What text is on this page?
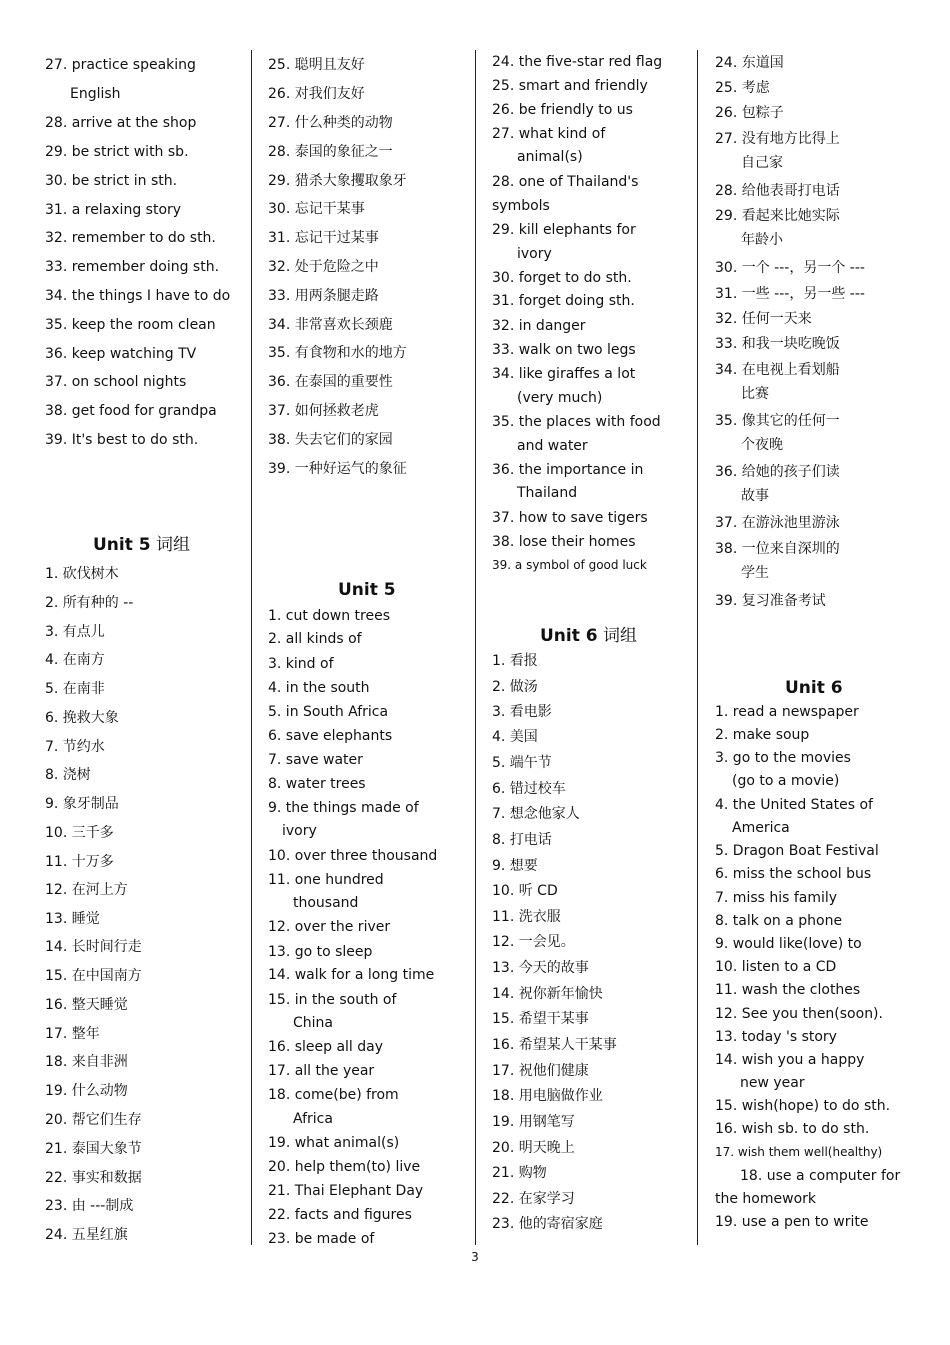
27. practice speaking
English
28. arrive at the shop
29. be strict with sb.
30. be strict in sth.
31. a relaxing story
32. remember to do sth.
33. remember doing sth.
34. the things I have to do
35. keep the room clean
36. keep watching TV
37. on school nights
38. get food for grandpa
39. It's best to do sth.
Unit 5 词组
1. 砍伐树木
2. 所有种的 --
3. 有点儿
4. 在南方
5. 在南非
6. 挽救大象
7. 节约水
8. 浇树
9. 象牙制品
10. 三千多
11. 十万多
12. 在河上方
13. 睡觉
14. 长时间行走
15. 在中国南方
16. 整天睡觉
17. 整年
18. 来自非洲
19. 什么动物
20. 帮它们生存
21. 泰国大象节
22. 事实和数据
23. 由 ---制成
24. 五星红旗
25. 聪明且友好
26. 对我们友好
27. 什么种类的动物
28. 泰国的象征之一
29. 猎杀大象攫取象牙
30. 忘记干某事
31. 忘记干过某事
32. 处于危险之中
33. 用两条腿走路
34. 非常喜欢长颈鹿
35. 有食物和水的地方
36. 在泰国的重要性
37. 如何拯救老虎
38. 失去它们的家园
39. 一种好运气的象征
Unit 5
1. cut down trees
2. all kinds of
3. kind of
4. in the south
5. in South Africa
6. save elephants
7. save water
8. water trees
9. the things made of
ivory
10. over three thousand
11. one hundred
thousand
12. over the river
13. go to sleep
14. walk for a long time
15. in the south of
China
16. sleep all day
17. all the year
18. come(be) from
Africa
19. what animal(s)
20. help them(to) live
21. Thai Elephant Day
22. facts and figures
23. be made of
24. the five-star red flag
25. smart and friendly
26. be friendly to us
27. what kind of
animal(s)
28. one of Thailand's
symbols
29. kill elephants for
ivory
30. forget to do sth.
31. forget doing sth.
32. in danger
33. walk on two legs
34. like giraffes a lot
(very much)
35. the places with food
and water
36. the importance in
Thailand
37. how to save tigers
38. lose their homes
39. a symbol of good luck
Unit 6 词组
1. 看报
2. 做汤
3. 看电影
4. 美国
5. 端午节
6. 错过校车
7. 想念他家人
8. 打电话
9. 想要
10. 听 CD
11. 洗衣服
12. 一会见。
13. 今天的故事
14. 祝你新年愉快
15. 希望干某事
16. 希望某人干某事
17. 祝他们健康
18. 用电脑做作业
19. 用钢笔写
20. 明天晚上
21. 购物
22. 在家学习
23. 他的寄宿家庭
24. 东道国
25. 考虑
26. 包粽子
27. 没有地方比得上
自己家
28. 给他表哥打电话
29. 看起来比她实际
年龄小
30. 一个 ---，另一个 ---
31. 一些 ---，另一些 ---
32. 任何一天来
33. 和我一块吃晚饭
34. 在电视上看划船
比赛
35. 像其它的任何一
个夜晚
36. 给她的孩子们读
故事
37. 在游泳池里游泳
38. 一位来自深圳的
学生
39. 复习准备考试
Unit 6
1. read a newspaper
2. make soup
3. go to the movies
(go to a movie)
4. the United States of
America
5. Dragon Boat Festival
6. miss the school bus
7. miss his family
8. talk on a phone
9. would like(love) to
10. listen to a CD
11. wash the clothes
12. See you then(soon).
13. today 's story
14. wish you a happy
new year
15. wish(hope) to do sth.
16. wish sb. to do sth.
17. wish them well(healthy)
18. use a computer for
the homework
19. use a pen to write
3
